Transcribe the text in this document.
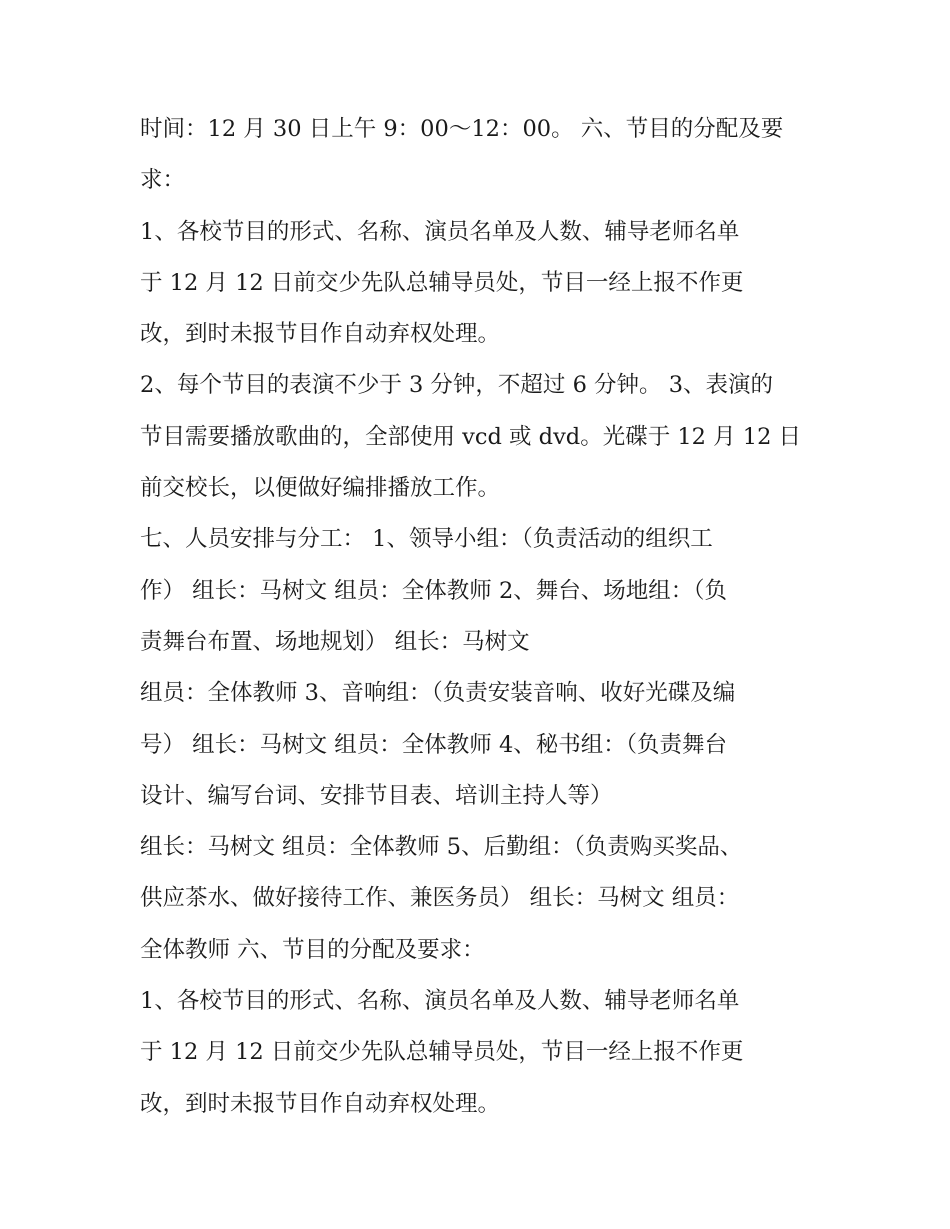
时间：12 月 30 日上午 9：00～12：00。 六、节目的分配及要
求：
1、各校节目的形式、名称、演员名单及人数、辅导老师名单
于 12 月 12 日前交少先队总辅导员处，节目一经上报不作更
改，到时未报节目作自动弃权处理。
2、每个节目的表演不少于 3 分钟，不超过 6 分钟。 3、表演的
节目需要播放歌曲的，全部使用 vcd 或 dvd。光碟于 12 月 12 日
前交校长，以便做好编排播放工作。
七、人员安排与分工： 1、领导小组：（负责活动的组织工
作） 组长：马树文 组员：全体教师 2、舞台、场地组：（负
责舞台布置、场地规划） 组长：马树文
组员：全体教师 3、音响组：（负责安装音响、收好光碟及编
号） 组长：马树文 组员：全体教师 4、秘书组：（负责舞台
设计、编写台词、安排节目表、培训主持人等）
组长：马树文 组员：全体教师 5、后勤组：（负责购买奖品、
供应茶水、做好接待工作、兼医务员） 组长：马树文 组员：
全体教师 六、节目的分配及要求：
1、各校节目的形式、名称、演员名单及人数、辅导老师名单
于 12 月 12 日前交少先队总辅导员处，节目一经上报不作更
改，到时未报节目作自动弃权处理。
